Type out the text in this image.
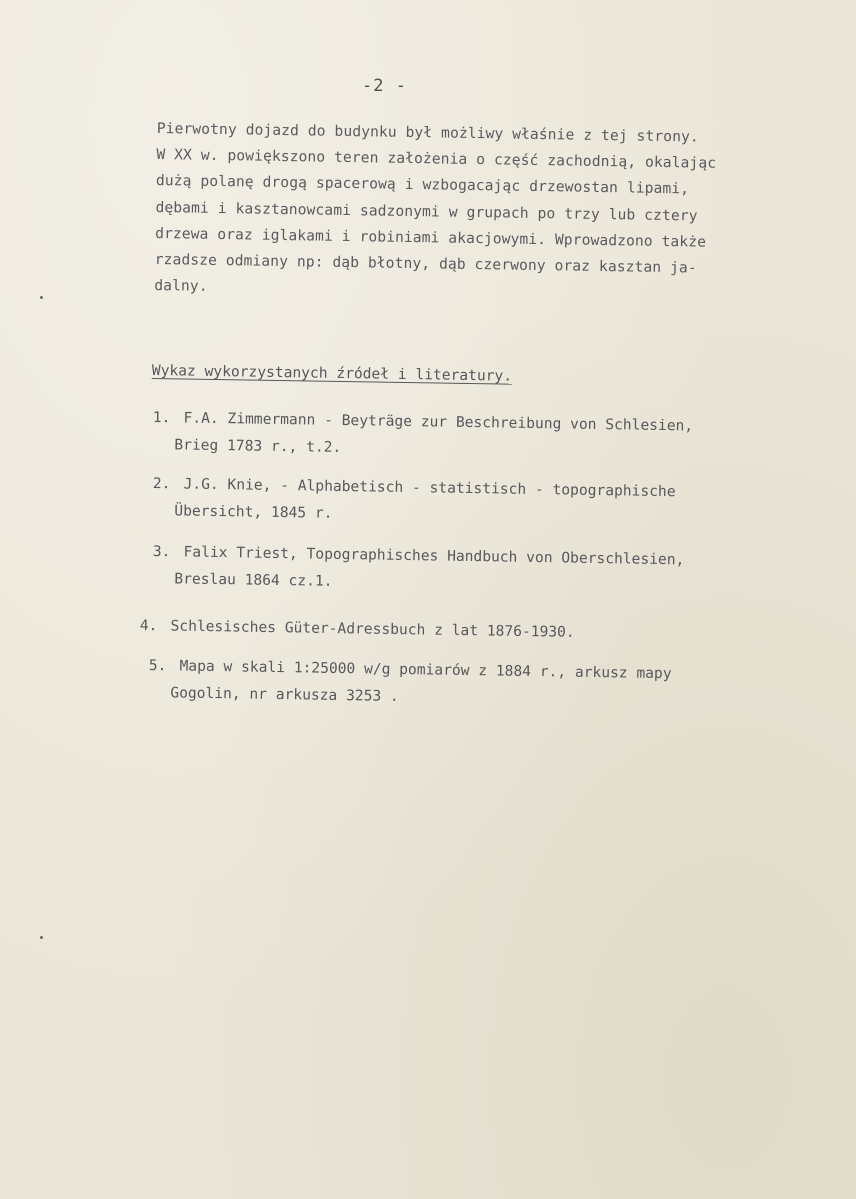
-2 -
Pierwotny dojazd do budynku był możliwy właśnie z tej strony.
W XX w. powiększono teren założenia o część zachodnią, okalając
dużą polanę drogą spacerową i wzbogacając drzewostan lipami,
dębami i kasztanowcami sadzonymi w grupach po trzy lub cztery
drzewa oraz iglakami i robiniami akacjowymi. Wprowadzono także
rzadsze odmiany np: dąb błotny, dąb czerwony oraz kasztan ja-
dalny.
Wykaz wykorzystanych źródeł i literatury.
1. F.A. Zimmermann - Beyträge zur Beschreibung von Schlesien,
Brieg 1783 r., t.2.
2. J.G. Knie, - Alphabetisch - statistisch - topographische
Übersicht, 1845 r.
3. Falix Triest, Topographisches Handbuch von Oberschlesien,
Breslau 1864 cz.1.
4. Schlesisches Güter-Adressbuch z lat 1876-1930.
5. Mapa w skali 1:25000 w/g pomiarów z 1884 r., arkusz mapy
Gogolin, nr arkusza 3253 .
